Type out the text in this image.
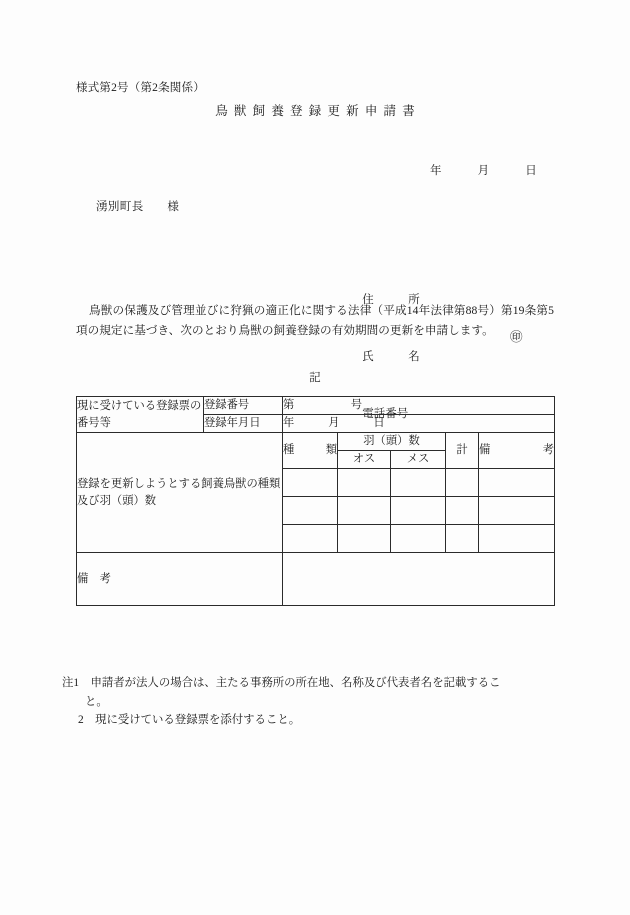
様式第2号（第2条関係）
鳥獣飼養登録更新申請書
年　　　月　　　日
湧別町長　　様

住　　　所

氏　　　名

㊞

電話番号

鳥獣の保護及び管理並びに狩猟の適正化に関する法律（平成14年法律第88号）第19条第5項の規定に基づき、次のとおり鳥獣の飼養登録の有効期間の更新を申請します。
記
現に受けている登録票の番号等	登録番号	第　　　　　号				
	登録年月日	年　　　月　　　日				
登録を更新しようとする飼養鳥獣の種類及び羽（頭）数		種　　類	羽（頭）数		計	備　　考
			オス	メス		

備　考						
注1　申請者が法人の場合は、主たる事務所の所在地、名称及び代表者名を記載するこ
と。
2　現に受けている登録票を添付すること。
